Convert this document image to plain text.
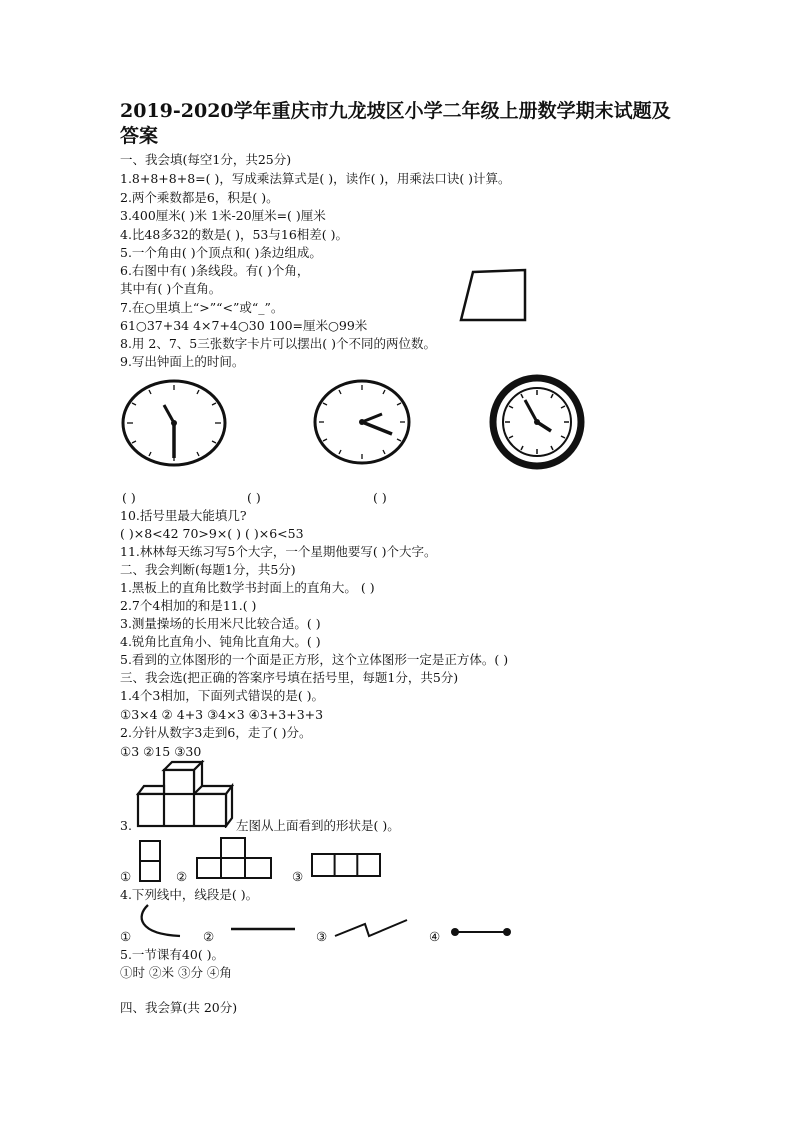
2019-2020学年重庆市九龙坡区小学二年级上册数学期末试题及答案
一、我会填(每空1分，共25分)
1.8+8+8+8=( )，写成乘法算式是( )，读作( )，用乘法口诀( )计算。
2.两个乘数都是6，积是( )。
3.400厘米( )米 1米-20厘米=( )厘米
4.比48多32的数是( )，53与16相差( )。
5.一个角由( )个顶点和( )条边组成。
6.右图中有( )条线段。有( )个角，
其中有( )个直角。
7.在○里填上“>”“<”或“_”。
61○37+34 4×7+4○30 100=厘米○99米
8.用 2、7、5三张数字卡片可以摆出( )个不同的两位数。
9.写出钟面上的时间。
( )	( )	( )
10.括号里最大能填几?
( )×8<42 70>9×( ) ( )×6<53
11.林林每天练习写5个大字，一个星期他要写( )个大字。
二、我会判断(每题1分，共5分)
1.黑板上的直角比数学书封面上的直角大。 ( )
2.7个4相加的和是11.( )
3.测量操场的长用米尺比较合适。( )
4.锐角比直角小、钝角比直角大。( )
5.看到的立体图形的一个面是正方形，这个立体图形一定是正方体。( )
三、我会选(把正确的答案序号填在括号里，每题1分，共5分)
1.4个3相加，下面列式错误的是( )。
①3×4 ② 4+3 ③4×3 ④3+3+3+3
2.分针从数字3走到6，走了( )分。
①3 ②15 ③30
3.	左图从上面看到的形状是( )。
①	②	③
4.下列线中，线段是( )。
①	②	③	④
5.一节课有40( )。
①时 ②米 ③分 ④角
四、我会算(共 20分)
